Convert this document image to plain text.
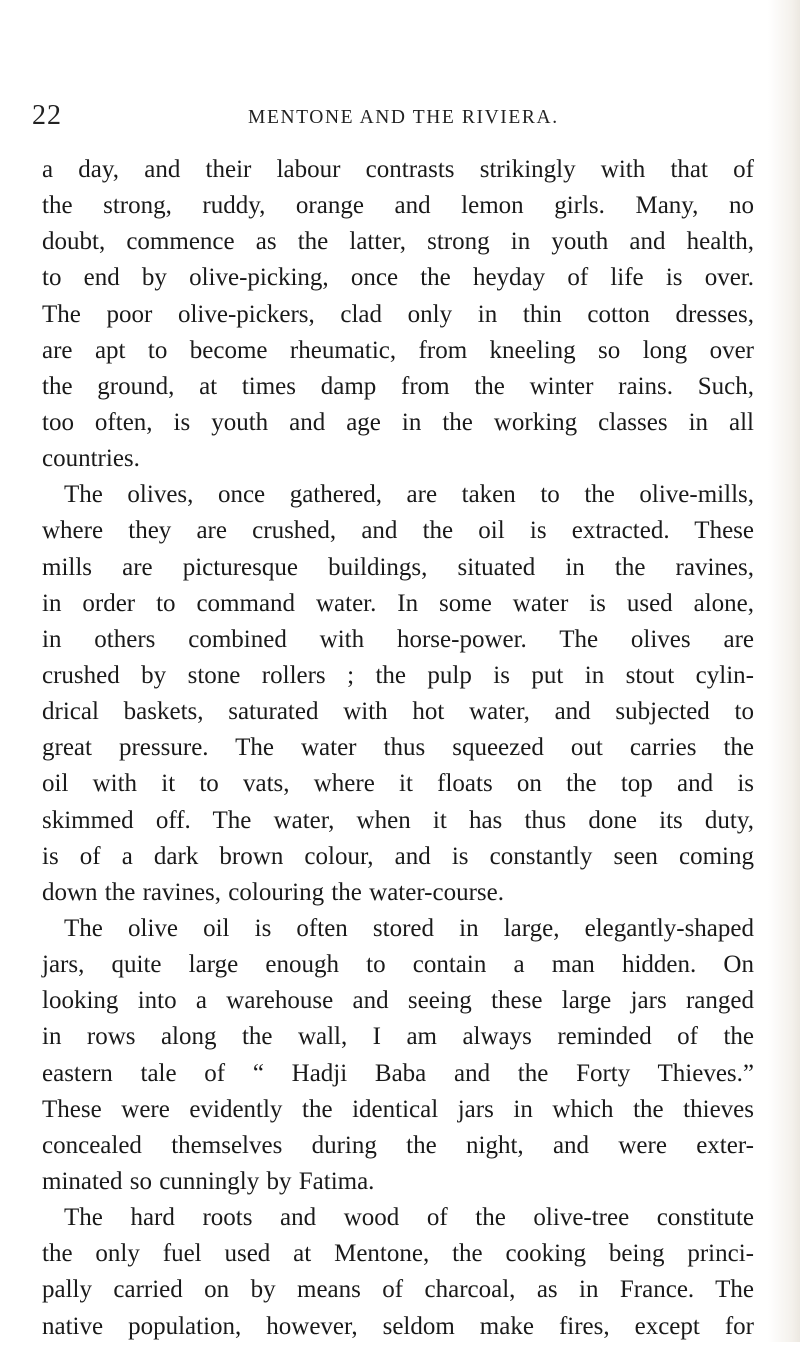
22	MENTONE AND THE RIVIERA.
a day, and their labour contrasts strikingly with that of
the strong, ruddy, orange and lemon girls. Many, no
doubt, commence as the latter, strong in youth and health,
to end by olive-picking, once the heyday of life is over.
The poor olive-pickers, clad only in thin cotton dresses,
are apt to become rheumatic, from kneeling so long over
the ground, at times damp from the winter rains. Such,
too often, is youth and age in the working classes in all
countries.
The olives, once gathered, are taken to the olive-mills,
where they are crushed, and the oil is extracted. These
mills are picturesque buildings, situated in the ravines,
in order to command water. In some water is used alone,
in others combined with horse-power. The olives are
crushed by stone rollers ; the pulp is put in stout cylin-
drical baskets, saturated with hot water, and subjected to
great pressure. The water thus squeezed out carries the
oil with it to vats, where it floats on the top and is
skimmed off. The water, when it has thus done its duty,
is of a dark brown colour, and is constantly seen coming
down the ravines, colouring the water-course.
The olive oil is often stored in large, elegantly-shaped
jars, quite large enough to contain a man hidden. On
looking into a warehouse and seeing these large jars ranged
in rows along the wall, I am always reminded of the
eastern tale of “ Hadji Baba and the Forty Thieves.”
These were evidently the identical jars in which the thieves
concealed themselves during the night, and were exter-
minated so cunningly by Fatima.
The hard roots and wood of the olive-tree constitute
the only fuel used at Mentone, the cooking being princi-
pally carried on by means of charcoal, as in France. The
native population, however, seldom make fires, except for
